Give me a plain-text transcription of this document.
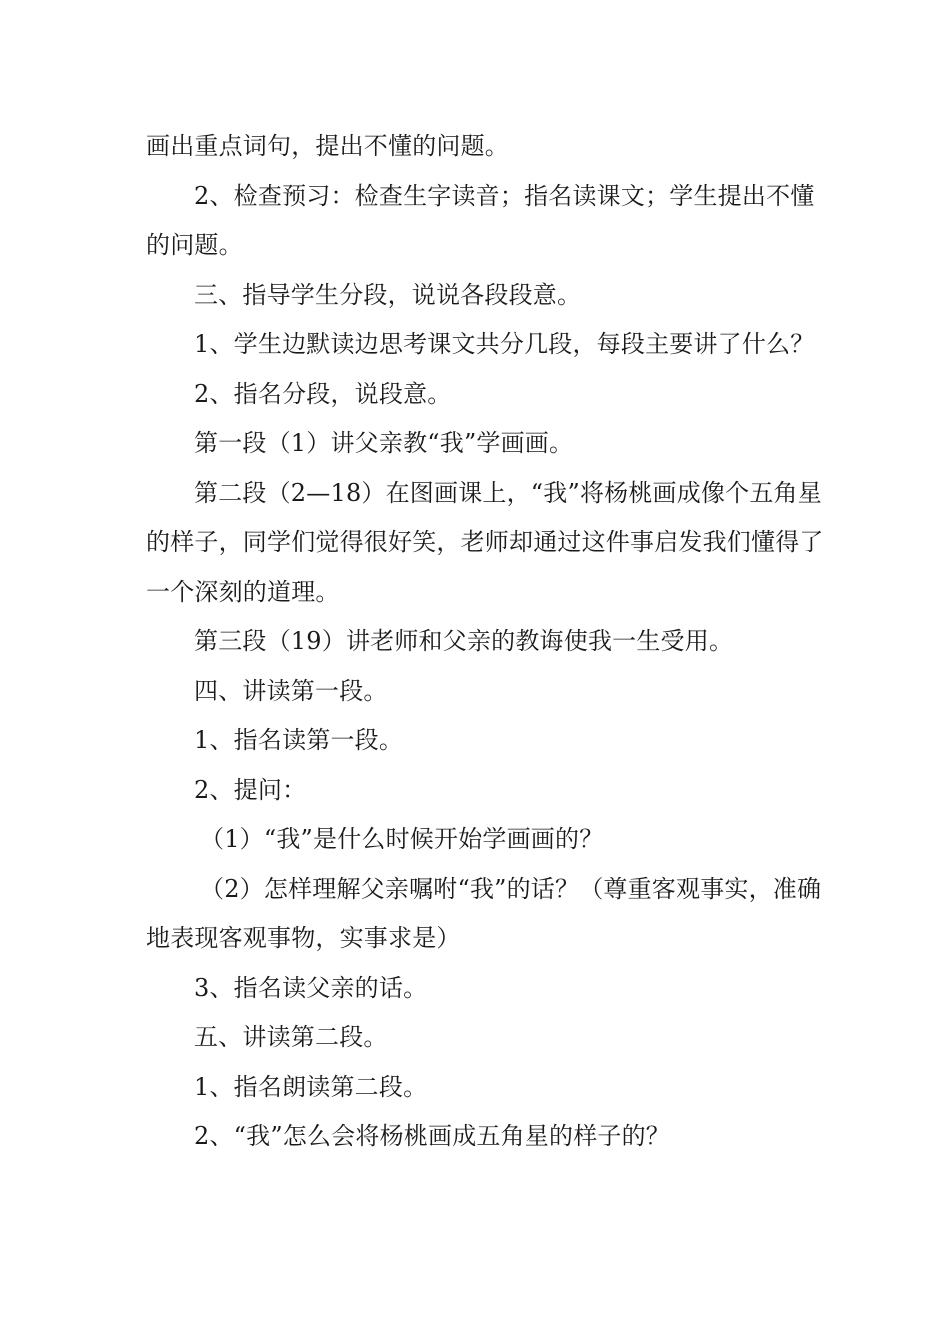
画出重点词句，提出不懂的问题。

2、检查预习：检查生字读音；指名读课文；学生提出不懂的问题。

三、指导学生分段，说说各段段意。

1、学生边默读边思考课文共分几段，每段主要讲了什么？

2、指名分段，说段意。

第一段（1）讲父亲教“我”学画画。

第二段（2—18）在图画课上，“我”将杨桃画成像个五角星的样子，同学们觉得很好笑，老师却通过这件事启发我们懂得了一个深刻的道理。

第三段（19）讲老师和父亲的教诲使我一生受用。

四、讲读第一段。

1、指名读第一段。

2、提问：

（1）“我”是什么时候开始学画画的？

（2）怎样理解父亲嘱咐“我”的话？（尊重客观事实，准确地表现客观事物，实事求是）

3、指名读父亲的话。

五、讲读第二段。

1、指名朗读第二段。

2、“我”怎么会将杨桃画成五角星的样子的？
